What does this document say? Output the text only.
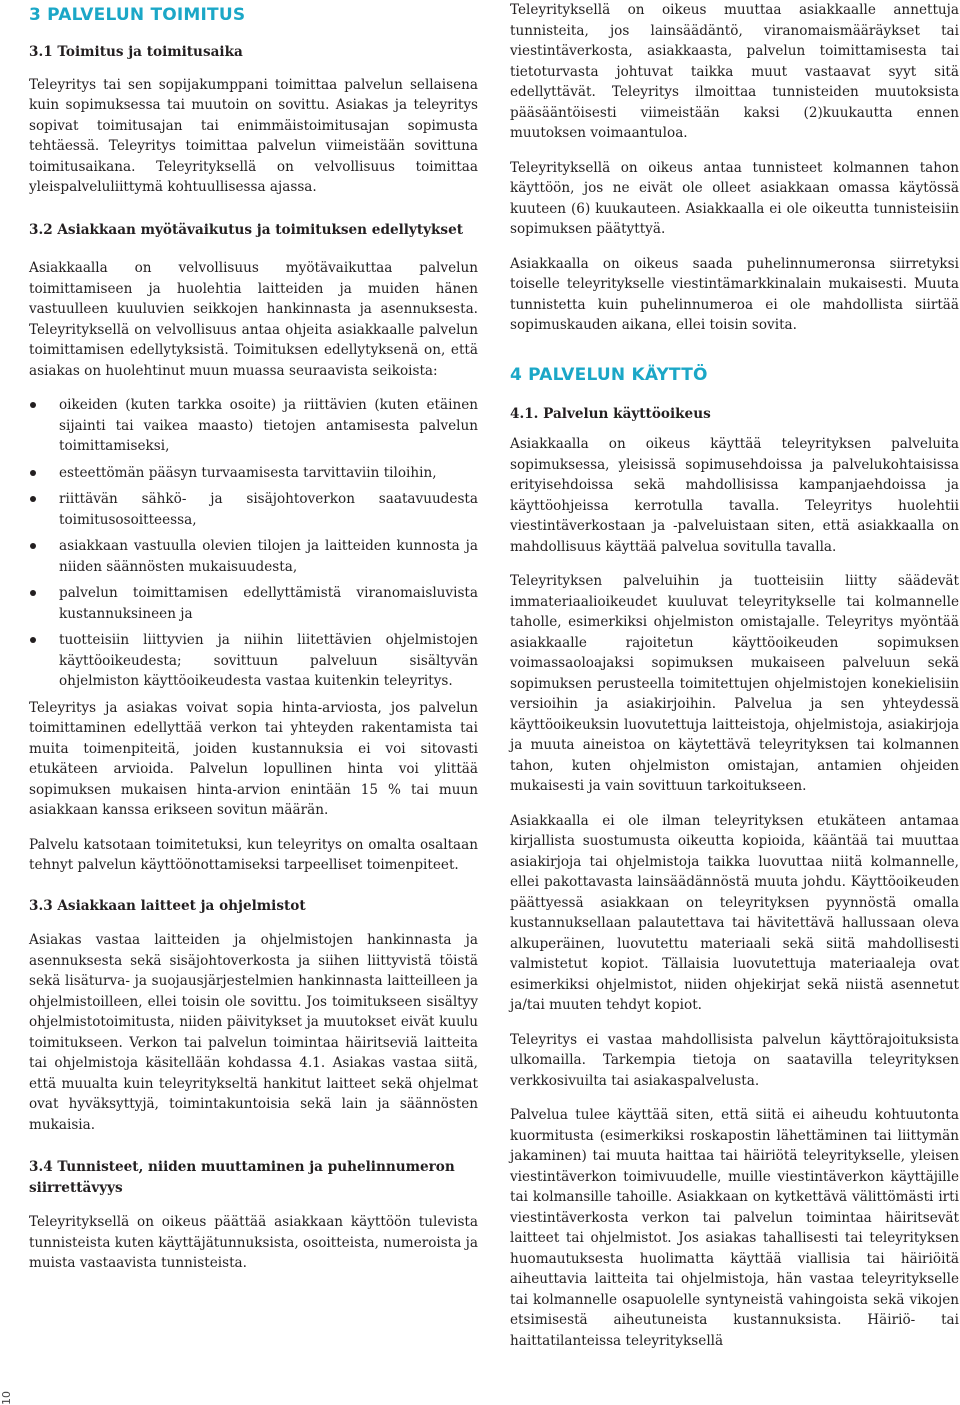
3 PALVELUN TOIMITUS
3.1 Toimitus ja toimitusaika

Teleyritys tai sen sopijakumppani toimittaa palvelun sellaisena kuin sopimuksessa tai muutoin on sovittu. Asiakas ja teleyritys sopivat toimitusajan tai enimmäistoimitusajan sopimusta tehtäessä. Teleyritys toimittaa palvelun viimeistään sovittuna toimitusaikana. Teleyrityksellä on velvollisuus toimittaa yleispalveluliittymä kohtuullisessa ajassa.

3.2 Asiakkaan myötävaikutus ja toimituksen edellytykset

Asiakkaalla on velvollisuus myötävaikuttaa palvelun toimittamiseen ja huolehtia laitteiden ja muiden hänen vastuulleen kuuluvien seikkojen hankinnasta ja asennuksesta. Teleyrityksellä on velvollisuus antaa ohjeita asiakkaalle palvelun toimittamisen edellytyksistä. Toimituksen edellytyksenä on, että asiakas on huolehtinut muun muassa seuraavista seikoista:

oikeiden (kuten tarkka osoite) ja riittävien (kuten etäinen sijainti tai vaikea maasto) tietojen antamisesta palvelun toimittamiseksi,
esteettömän pääsyn turvaamisesta tarvittaviin tiloihin,
riittävän sähkö- ja sisäjohtoverkon saatavuudesta toimitusosoitteessa,
asiakkaan vastuulla olevien tilojen ja laitteiden kunnosta ja niiden säännösten mukaisuudesta,
palvelun toimittamisen edellyttämistä viranomaisluvista kustannuksineen ja
tuotteisiin liittyvien ja niihin liitettävien ohjelmistojen käyttöoikeudesta; sovittuun palveluun sisältyvän ohjelmiston käyttöoikeudesta vastaa kuitenkin teleyritys.

Teleyritys ja asiakas voivat sopia hinta-arviosta, jos palvelun toimittaminen edellyttää verkon tai yhteyden rakentamista tai muita toimenpiteitä, joiden kustannuksia ei voi sitovasti etukäteen arvioida. Palvelun lopullinen hinta voi ylittää sopimuksen mukaisen hinta-arvion enintään 15 % tai muun asiakkaan kanssa erikseen sovitun määrän.

Palvelu katsotaan toimitetuksi, kun teleyritys on omalta osaltaan tehnyt palvelun käyttöönottamiseksi tarpeelliset toimenpiteet.

3.3 Asiakkaan laitteet ja ohjelmistot

Asiakas vastaa laitteiden ja ohjelmistojen hankinnasta ja asennuksesta sekä sisäjohtoverkosta ja siihen liittyvistä töistä sekä lisäturva- ja suojausjärjestelmien hankinnasta laitteilleen ja ohjelmistoilleen, ellei toisin ole sovittu. Jos toimitukseen sisältyy ohjelmistotoimitusta, niiden päivitykset ja muutokset eivät kuulu toimitukseen. Verkon tai palvelun toimintaa häiritseviä laitteita tai ohjelmistoja käsitellään kohdassa 4.1. Asiakas vastaa siitä, että muualta kuin teleyritykseltä hankitut laitteet sekä ohjelmat ovat hyväksyttyjä, toimintakuntoisia sekä lain ja säännösten mukaisia.

3.4 Tunnisteet, niiden muuttaminen ja puhelinnumeron siirrettävyys

Teleyrityksellä on oikeus päättää asiakkaan käyttöön tulevista tunnisteista kuten käyttäjätunnuksista, osoitteista, numeroista ja muista vastaavista tunnisteista.

Teleyrityksellä on oikeus muuttaa asiakkaalle annettuja tunnisteita, jos lainsäädäntö, viranomaismääräykset tai viestintäverkosta, asiakkaasta, palvelun toimittamisesta tai tietoturvasta johtuvat taikka muut vastaavat syyt sitä edellyttävät. Teleyritys ilmoittaa tunnisteiden muutoksista pääsääntöisesti viimeistään kaksi (2)kuukautta ennen muutoksen voimaantuloa.

Teleyrityksellä on oikeus antaa tunnisteet kolmannen tahon käyttöön, jos ne eivät ole olleet asiakkaan omassa käytössä kuuteen (6) kuukauteen. Asiakkaalla ei ole oikeutta tunnisteisiin sopimuksen päätyttyä.

Asiakkaalla on oikeus saada puhelinnumeronsa siirretyksi toiselle teleyritykselle viestintämarkkinalain mukaisesti. Muuta tunnistetta kuin puhelinnumeroa ei ole mahdollista siirtää sopimuskauden aikana, ellei toisin sovita.

4 PALVELUN KÄYTTÖ
4.1. Palvelun käyttöoikeus

Asiakkaalla on oikeus käyttää teleyrityksen palveluita sopimuksessa, yleisissä sopimusehdoissa ja palvelukohtaisissa erityisehdoissa sekä mahdollisissa kampanjaehdoissa ja käyttöohjeissa kerrotulla tavalla. Teleyritys huolehtii viestintäverkostaan ja -palveluistaan siten, että asiakkaalla on mahdollisuus käyttää palvelua sovitulla tavalla.

Teleyrityksen palveluihin ja tuotteisiin liitty säädevät immateriaalioikeudet kuuluvat teleyritykselle tai kolmannelle taholle, esimerkiksi ohjelmiston omistajalle. Teleyritys myöntää asiakkaalle rajoitetun käyttöoikeuden sopimuksen voimassaoloajaksi sopimuksen mukaiseen palveluun sekä sopimuksen perusteella toimitettujen ohjelmistojen konekielisiin versioihin ja asiakirjoihin. Palvelua ja sen yhteydessä käyttöoikeuksin luovutettuja laitteistoja, ohjelmistoja, asiakirjoja ja muuta aineistoa on käytettävä teleyrityksen tai kolmannen tahon, kuten ohjelmiston omistajan, antamien ohjeiden mukaisesti ja vain sovittuun tarkoitukseen.

Asiakkaalla ei ole ilman teleyrityksen etukäteen antamaa kirjallista suostumusta oikeutta kopioida, kääntää tai muuttaa asiakirjoja tai ohjelmistoja taikka luovuttaa niitä kolmannelle, ellei pakottavasta lainsäädännöstä muuta johdu. Käyttöoikeuden päättyessä asiakkaan on teleyrityksen pyynnöstä omalla kustannuksellaan palautettava tai hävitettävä hallussaan oleva alkuperäinen, luovutettu materiaali sekä siitä mahdollisesti valmistetut kopiot. Tällaisia luovutettuja materiaaleja ovat esimerkiksi ohjelmistot, niiden ohjekirjat sekä niistä asennetut ja/tai muuten tehdyt kopiot.

Teleyritys ei vastaa mahdollisista palvelun käyttörajoituksista ulkomailla. Tarkempia tietoja on saatavilla teleyrityksen verkkosivuilta tai asiakaspalvelusta.

Palvelua tulee käyttää siten, että siitä ei aiheudu kohtuutonta kuormitusta (esimerkiksi roskapostin lähettäminen tai liittymän jakaminen) tai muuta haittaa tai häiriötä teleyritykselle, yleisen viestintäverkon toimivuudelle, muille viestintäverkon käyttäjille tai kolmansille tahoille. Asiakkaan on kytkettävä välittömästi irti viestintäverkosta verkon tai palvelun toimintaa häiritsevät laitteet tai ohjelmistot. Jos asiakas tahallisesti tai teleyrityksen huomautuksesta huolimatta käyttää viallisia tai häiriöitä aiheuttavia laitteita tai ohjelmistoja, hän vastaa teleyritykselle tai kolmannelle osapuolelle syntyneistä vahingoista sekä vikojen etsimisestä aiheutuneista kustannuksista. Häiriö- tai haittatilanteissa teleyrityksellä

10
